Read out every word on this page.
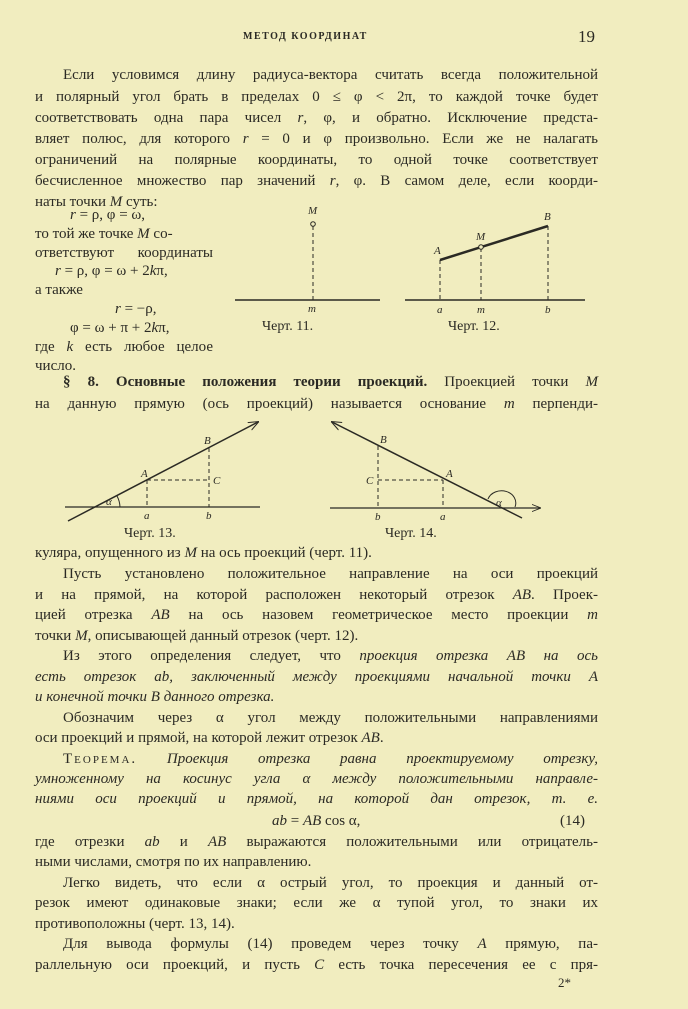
МЕТОД КООРДИНАТ	19
2*
(14)
M
m
Черт. 11.
A
B
M
a	m	b
Черт. 12.
α
A
B
C
a	b
Черт. 13.
α
A
B
C
b	a
Черт. 14.
Если условимся длину радиуса-вектора считать всегда положительной
и полярный угол брать в пределах 0 ≤ φ < 2π, то каждой точке будет
соответствовать одна пара чисел r, φ, и обратно. Исключение предста-
вляет полюс, для которого r = 0 и φ произвольно. Если же не налагать
ограничений на полярные координаты, то одной точке соответствует
бесчисленное множество пар значений r, φ. В самом деле, если коорди-
наты точки M суть:
r = ρ, φ = ω,
то той же точке M со-
ответствуют координаты
r = ρ, φ = ω + 2kπ,
а также
r = −ρ,
φ = ω + π + 2kπ,
где k есть любое целое
число.
§ 8. Основные положения теории проекций. Проекцией точки M
на данную прямую (ось проекций) называется основание m перпенди-
куляра, опущенного из M на ось проекций (черт. 11).
Пусть установлено положительное направление на оси проекций
и на прямой, на которой расположен некоторый отрезок AB. Проек-
цией отрезка AB на ось назовем геометрическое место проекции m
точки M, описывающей данный отрезок (черт. 12).
Из этого определения следует, что проекция отрезка AB на ось
есть отрезок ab, заключенный между проекциями начальной точки A
и конечной точки B данного отрезка.
Обозначим через α угол между положительными направлениями
оси проекций и прямой, на которой лежит отрезок AB.
Теорема. Проекция отрезка равна проектируемому отрезку,
умноженному на косинус угла α между положительными направле-
ниями оси проекций и прямой, на которой дан отрезок, т. е.
ab = AB cos α,
где отрезки ab и AB выражаются положительными или отрицатель-
ными числами, смотря по их направлению.
Легко видеть, что если α острый угол, то проекция и данный от-
резок имеют одинаковые знаки; если же α тупой угол, то знаки их
противоположны (черт. 13, 14).
Для вывода формулы (14) проведем через точку A прямую, па-
раллельную оси проекций, и пусть C есть точка пересечения ее с пря-
